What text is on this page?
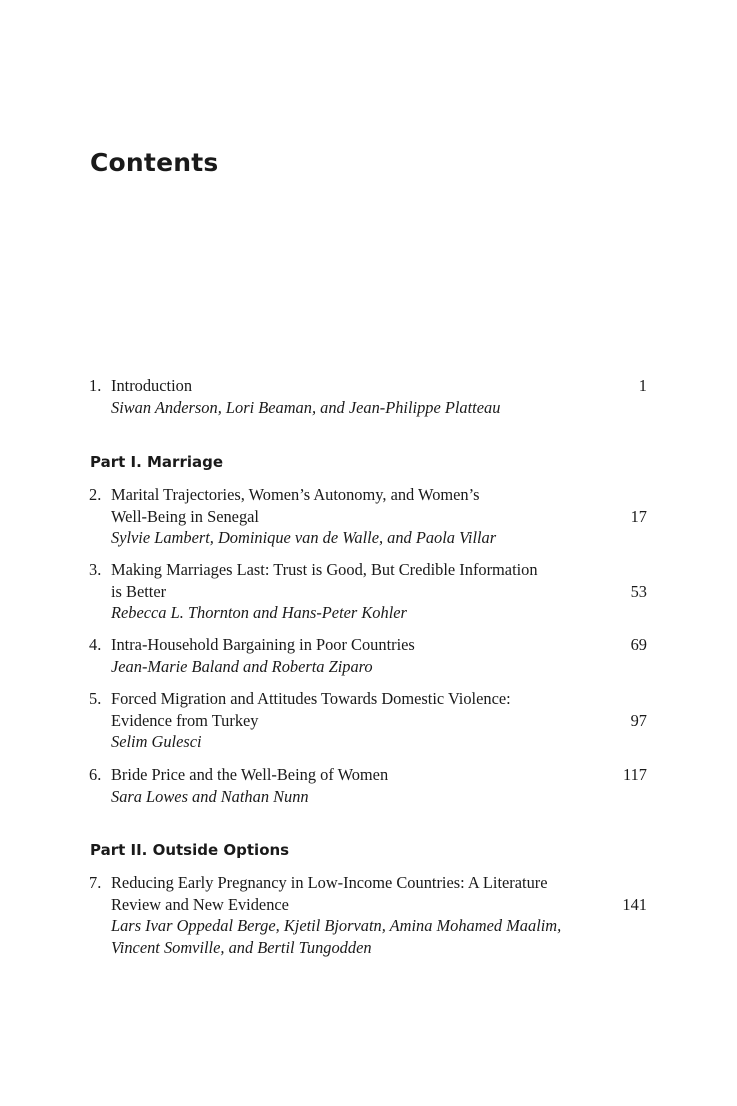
Contents
1. Introduction	1
Siwan Anderson, Lori Beaman, and Jean-Philippe Platteau
Part I. Marriage
2. Marital Trajectories, Women’s Autonomy, and Women’s
Well-Being in Senegal	17
Sylvie Lambert, Dominique van de Walle, and Paola Villar
3. Making Marriages Last: Trust is Good, But Credible Information
is Better	53
Rebecca L. Thornton and Hans-Peter Kohler
4. Intra-Household Bargaining in Poor Countries	69
Jean-Marie Baland and Roberta Ziparo
5. Forced Migration and Attitudes Towards Domestic Violence:
Evidence from Turkey	97
Selim Gulesci
6. Bride Price and the Well-Being of Women	117
Sara Lowes and Nathan Nunn
Part II. Outside Options
7. Reducing Early Pregnancy in Low-Income Countries: A Literature
Review and New Evidence	141
Lars Ivar Oppedal Berge, Kjetil Bjorvatn, Amina Mohamed Maalim,
Vincent Somville, and Bertil Tungodden
